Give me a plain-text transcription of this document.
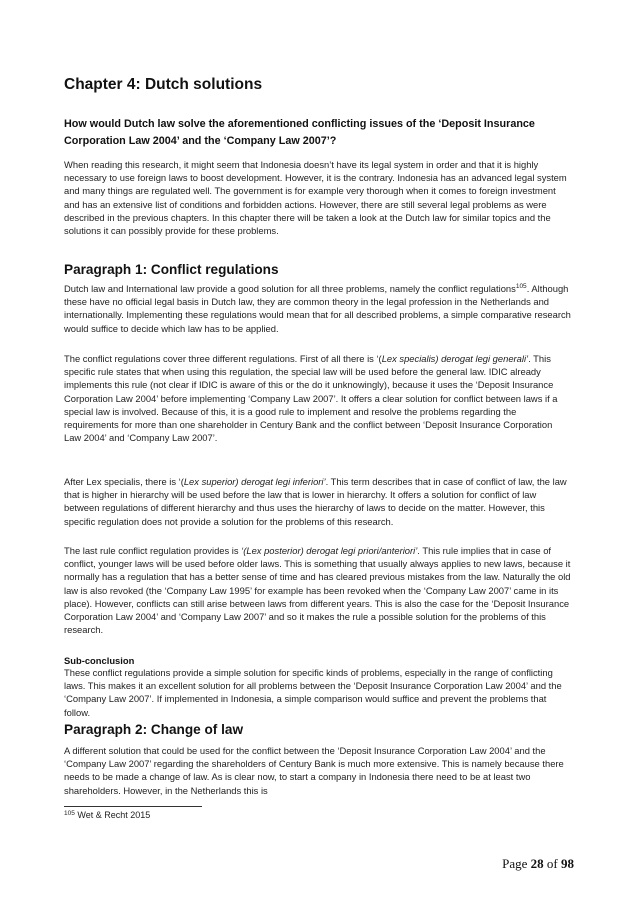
Chapter 4: Dutch solutions
How would Dutch law solve the aforementioned conflicting issues of the ‘Deposit Insurance Corporation Law 2004’ and the ‘Company Law 2007’?

When reading this research, it might seem that Indonesia doesn’t have its legal system in order and that it is highly necessary to use foreign laws to boost development. However, it is the contrary. Indonesia has an advanced legal system and many things are regulated well. The government is for example very thorough when it comes to foreign investment and has an extensive list of conditions and forbidden actions. However, there are still several legal problems as were described in the previous chapters. In this chapter there will be taken a look at the Dutch law for similar topics and the solutions it can possibly provide for these problems.

Paragraph 1: Conflict regulations

Dutch law and International law provide a good solution for all three problems, namely the conflict regulations$^{105}$. Although these have no official legal basis in Dutch law, they are common theory in the legal profession in the Netherlands and internationally. Implementing these regulations would mean that for all described problems, a simple comparative research would suffice to decide which law has to be applied.

The conflict regulations cover three different regulations. First of all there is ‘(Lex specialis) derogat legi generali’. This specific rule states that when using this regulation, the special law will be used before the general law. IDIC already implements this rule (not clear if IDIC is aware of this or the do it unknowingly), because it uses the ‘Deposit Insurance Corporation Law 2004’ before implementing ‘Company Law 2007’. It offers a clear solution for conflict between laws if a special law is involved. Because of this, it is a good rule to implement and resolve the problems regarding the requirements for more than one shareholder in Century Bank and the conflict between ‘Deposit Insurance Corporation Law 2004’ and ‘Company Law 2007’.

After Lex specialis, there is ‘(Lex superior) derogat legi inferiori’. This term describes that in case of conflict of law, the law that is higher in hierarchy will be used before the law that is lower in hierarchy. It offers a solution for conflict of law between regulations of different hierarchy and thus uses the hierarchy of laws to decide on the matter. However, this specific regulation does not provide a solution for the problems of this research.

The last rule conflict regulation provides is ‘(Lex posterior) derogat legi priori/anteriori’. This rule implies that in case of conflict, younger laws will be used before older laws. This is something that usually always applies to new laws, because it normally has a regulation that has a better sense of time and has cleared previous mistakes from the law. Naturally the old law is also revoked (the ‘Company Law 1995’ for example has been revoked when the ‘Company Law 2007’ came in its place). However, conflicts can still arise between laws from different years. This is also the case for the ‘Deposit Insurance Corporation Law 2004’ and ‘Company Law 2007’ and so it makes the rule a possible solution for the problems of this research.

Sub-conclusion

These conflict regulations provide a simple solution for specific kinds of problems, especially in the range of conflicting laws. This makes it an excellent solution for all problems between the ‘Deposit Insurance Corporation Law 2004’ and the ‘Company Law 2007’. If implemented in Indonesia, a simple comparison would suffice and prevent the problems that follow.

Paragraph 2: Change of law

A different solution that could be used for the conflict between the ‘Deposit Insurance Corporation Law 2004’ and the ‘Company Law 2007’ regarding the shareholders of Century Bank is much more extensive. This is namely because there needs to be made a change of law. As is clear now, to start a company in Indonesia there need to be at least two shareholders. However, in the Netherlands this is

$^{105}$ Wet & Recht 2015
Page 28 of 98
